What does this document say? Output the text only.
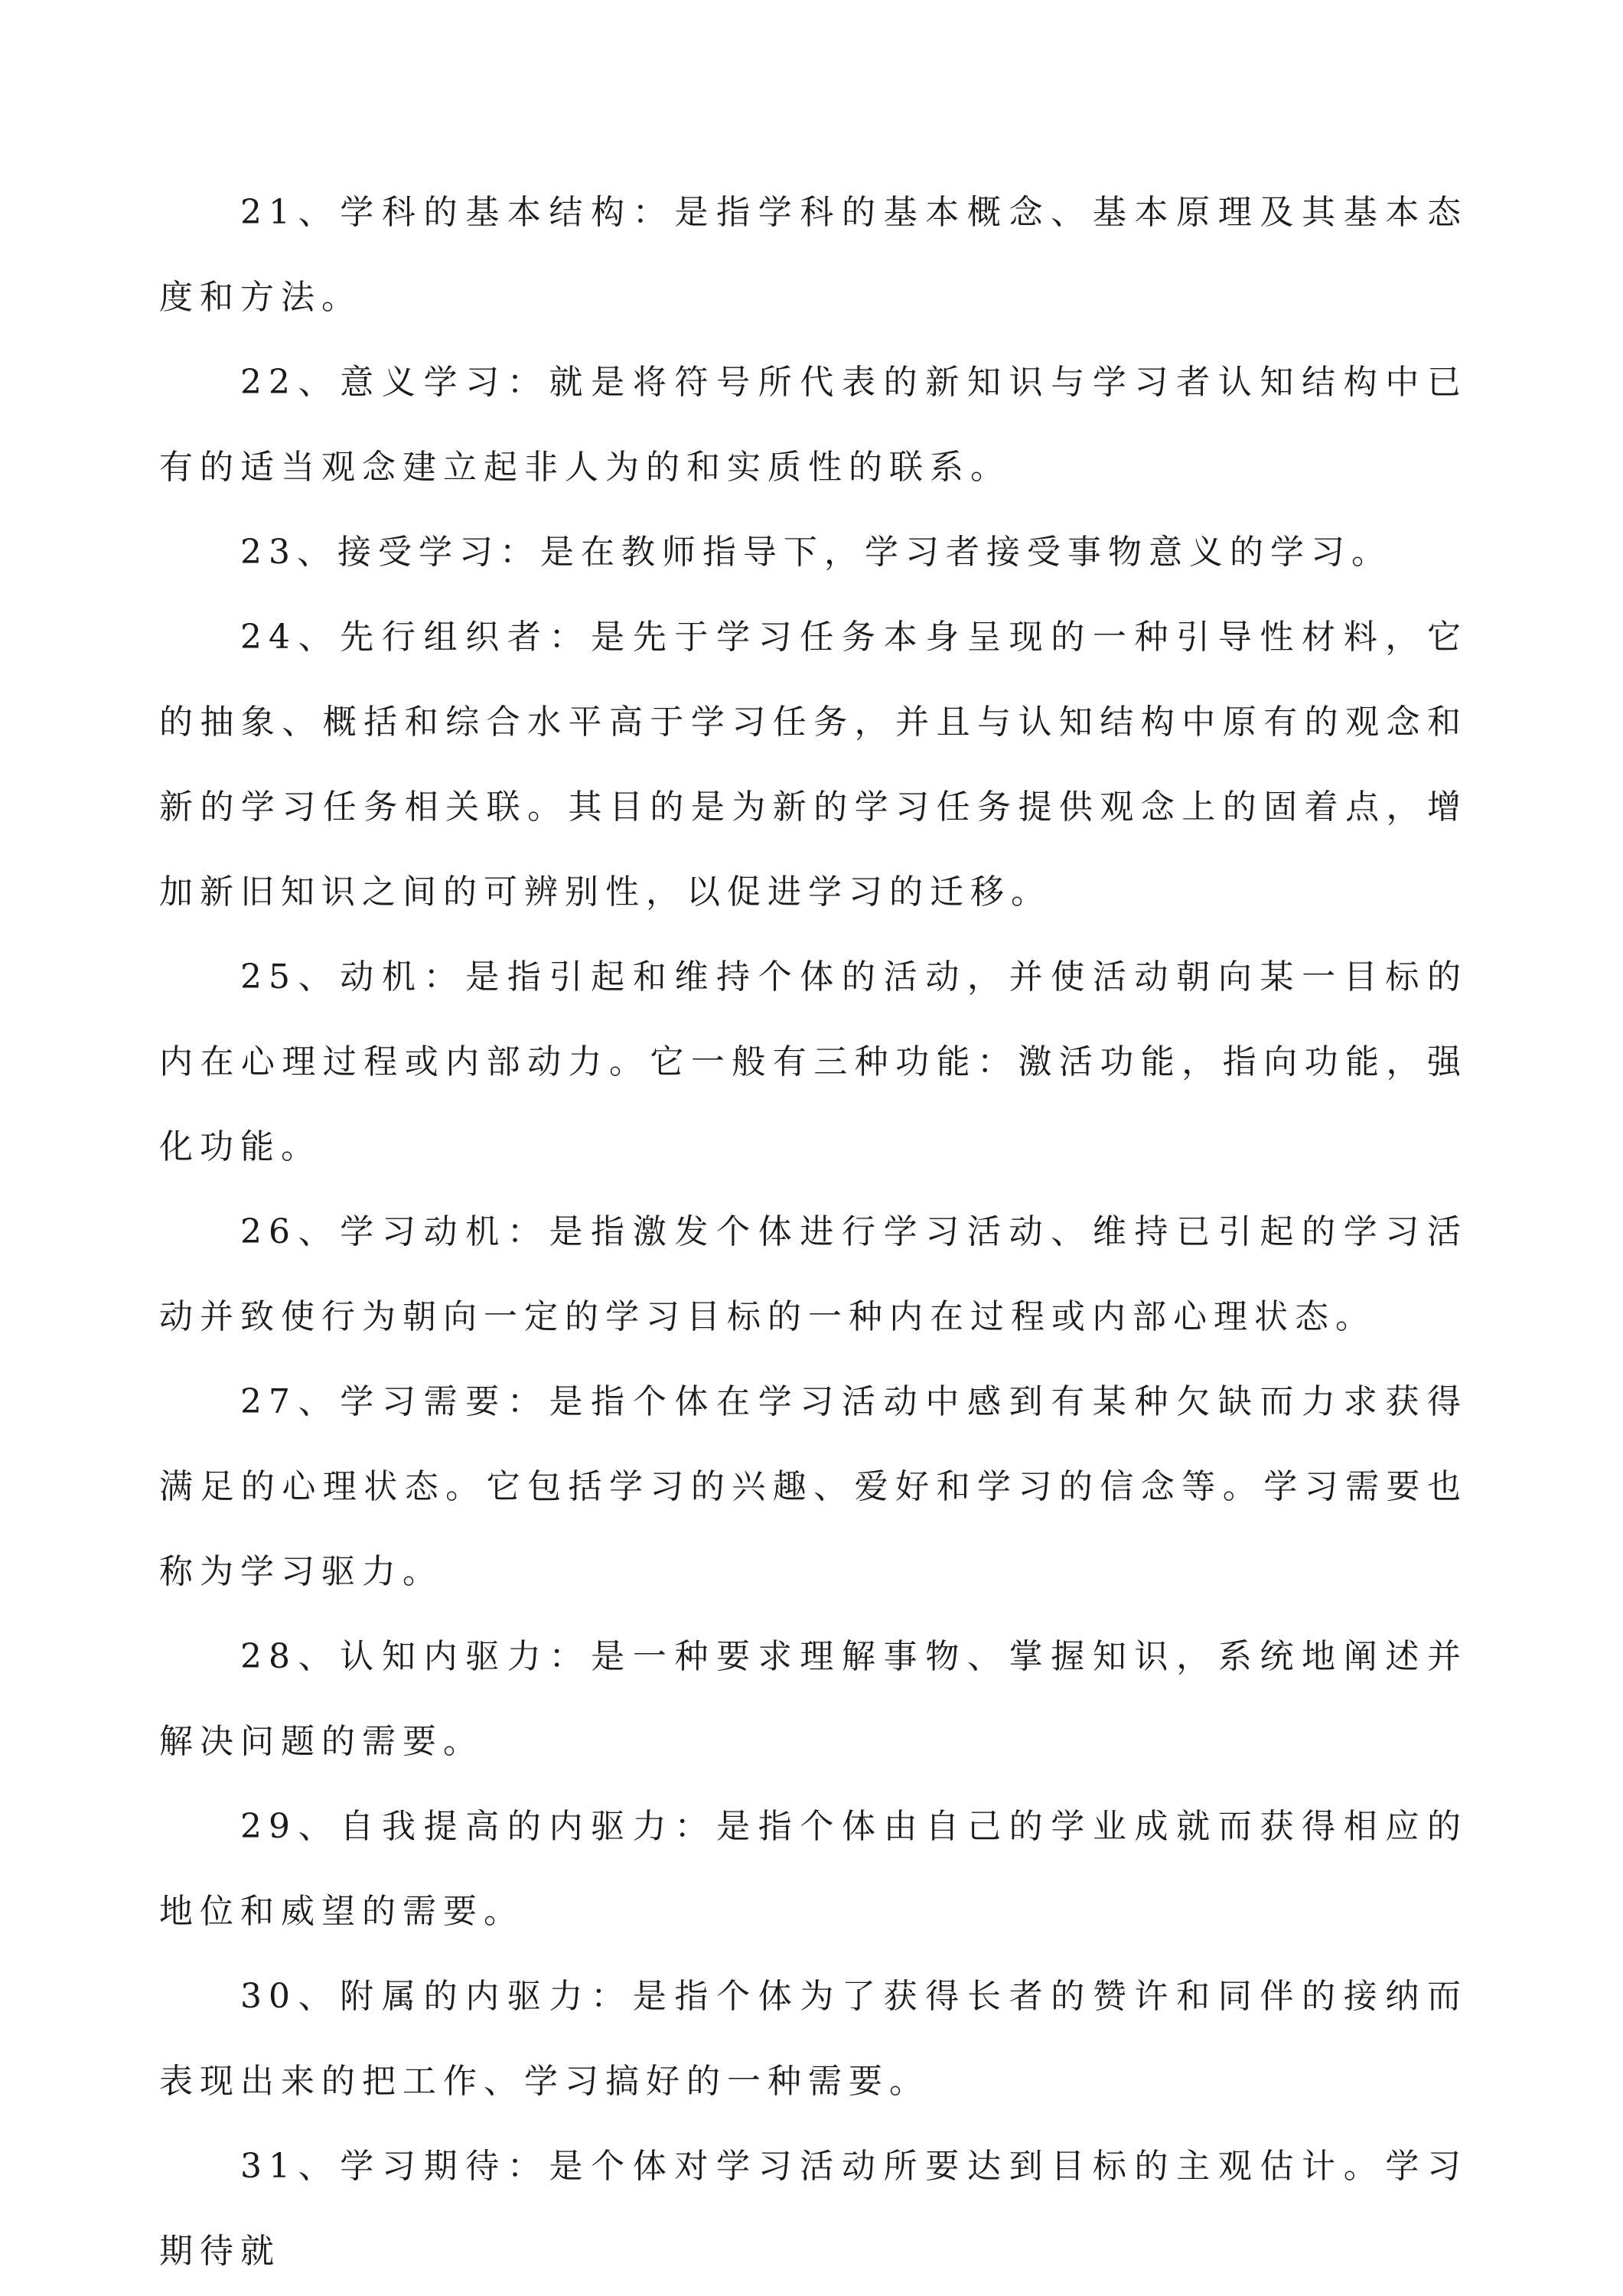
21、学科的基本结构：是指学科的基本概念、基本原理及其基本态度和方法。

22、意义学习：就是将符号所代表的新知识与学习者认知结构中已有的适当观念建立起非人为的和实质性的联系。

23、接受学习：是在教师指导下，学习者接受事物意义的学习。

24、先行组织者：是先于学习任务本身呈现的一种引导性材料，它的抽象、概括和综合水平高于学习任务，并且与认知结构中原有的观念和新的学习任务相关联。其目的是为新的学习任务提供观念上的固着点，增加新旧知识之间的可辨别性，以促进学习的迁移。

25、动机：是指引起和维持个体的活动，并使活动朝向某一目标的内在心理过程或内部动力。它一般有三种功能：激活功能，指向功能，强化功能。

26、学习动机：是指激发个体进行学习活动、维持已引起的学习活动并致使行为朝向一定的学习目标的一种内在过程或内部心理状态。

27、学习需要：是指个体在学习活动中感到有某种欠缺而力求获得满足的心理状态。它包括学习的兴趣、爱好和学习的信念等。学习需要也称为学习驱力。

28、认知内驱力：是一种要求理解事物、掌握知识，系统地阐述并解决问题的需要。

29、自我提高的内驱力：是指个体由自己的学业成就而获得相应的地位和威望的需要。

30、附属的内驱力：是指个体为了获得长者的赞许和同伴的接纳而表现出来的把工作、学习搞好的一种需要。

31、学习期待：是个体对学习活动所要达到目标的主观估计。学习期待就
